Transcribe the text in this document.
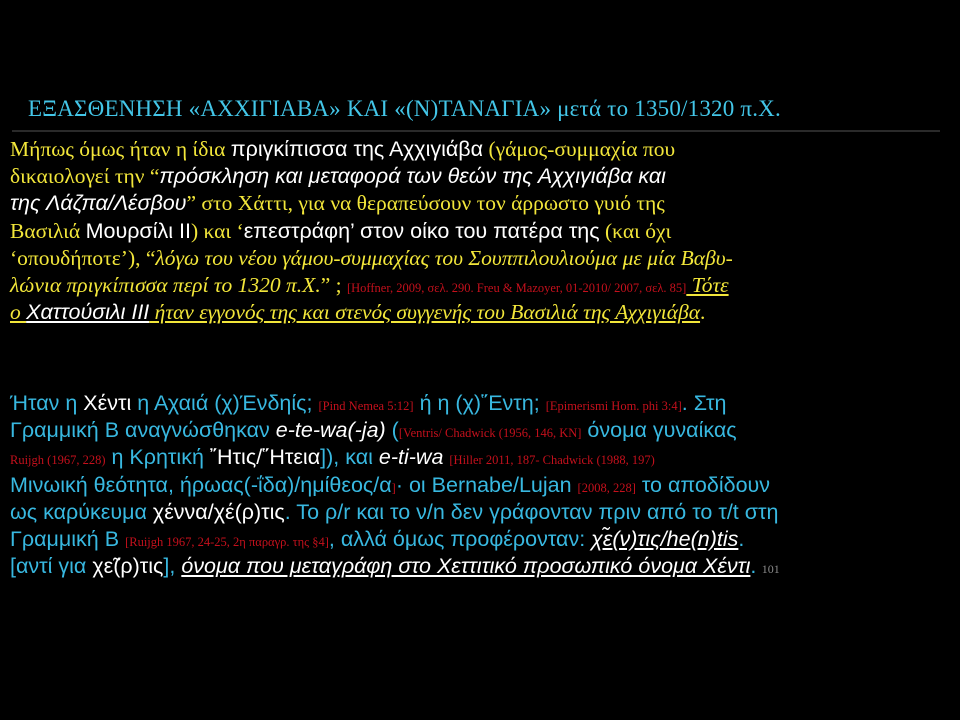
ΕΞΑΣΘΕΝΗΣΗ «ΑΧΧΙΓΙΑΒΑ» ΚΑΙ «(Ν)ΤΑΝΑΓΙΑ» μετά το 1350/1320 π.Χ.
Μήπως όμως ήταν η ίδια πριγκίπισσα της Αχχιγιάβα (γάμος-συμμαχία που
δικαιολογεί την “πρόσκληση και μεταφορά των θεών της Αχχιγιάβα και
της Λάζπα/Λέσβου” στο Χάττι, για να θεραπεύσουν τον άρρωστο γυιό της
Βασιλιά Μουρσίλι ΙΙ) και ‘επεστράφη’ στον οίκο του πατέρα της (και όχι
‘οπουδήποτε’), “λόγω του νέου γάμου-συμμαχίας του Σουππιλουλιούμα με μία Βαβυ-
λώνια πριγκίπισσα περί το 1320 π.Χ.” ; [Hoffner, 2009, σελ. 290. Freu & Mazoyer, 01-2010/ 2007, σελ. 85] Τότε
ο Χαττούσιλι ΙΙΙ ήταν εγγονός της και στενός συγγενής του Βασιλιά της Αχχιγιάβα.
Ήταν η Χέντι η Αχαιά (χ)Ένδηίς; [Pind Nemea 5:12] ή η (χ)῞Εντη; [Epimerismi Hom. phi 3:4]. Στη
Γραμμική Β αναγνώσθηκαν e-te-wa(-ja) ([Ventris/ Chadwick (1956, 146, KN] όνομα γυναίκας
Ruijgh (1967, 228) η Κρητική ῎Ητις/῞Ητεια]), και e-ti-wa [Hiller 2011, 187- Chadwick (1988, 197)
Μινωική θεότητα, ήρωας(-ΐδα)/ημίθεος/α]· οι Bernabe/Lujan [2008, 228] το αποδίδουν
ως καρύκευμα χέννα/χέ(ρ)τις. Το ρ/r και το ν/n δεν γράφονταν πριν από το τ/t στη
Γραμμική Β [Ruijgh 1967, 24-25, 2η παραγρ. της §4], αλλά όμως προφέρονταν: χε̃(ν)τις/he(n)tis.
[αντί για χε̃(ρ)τις], όνομα που μεταγράφη στο Χεττιτικό προσωπικό όνομα Χέντι. 101
